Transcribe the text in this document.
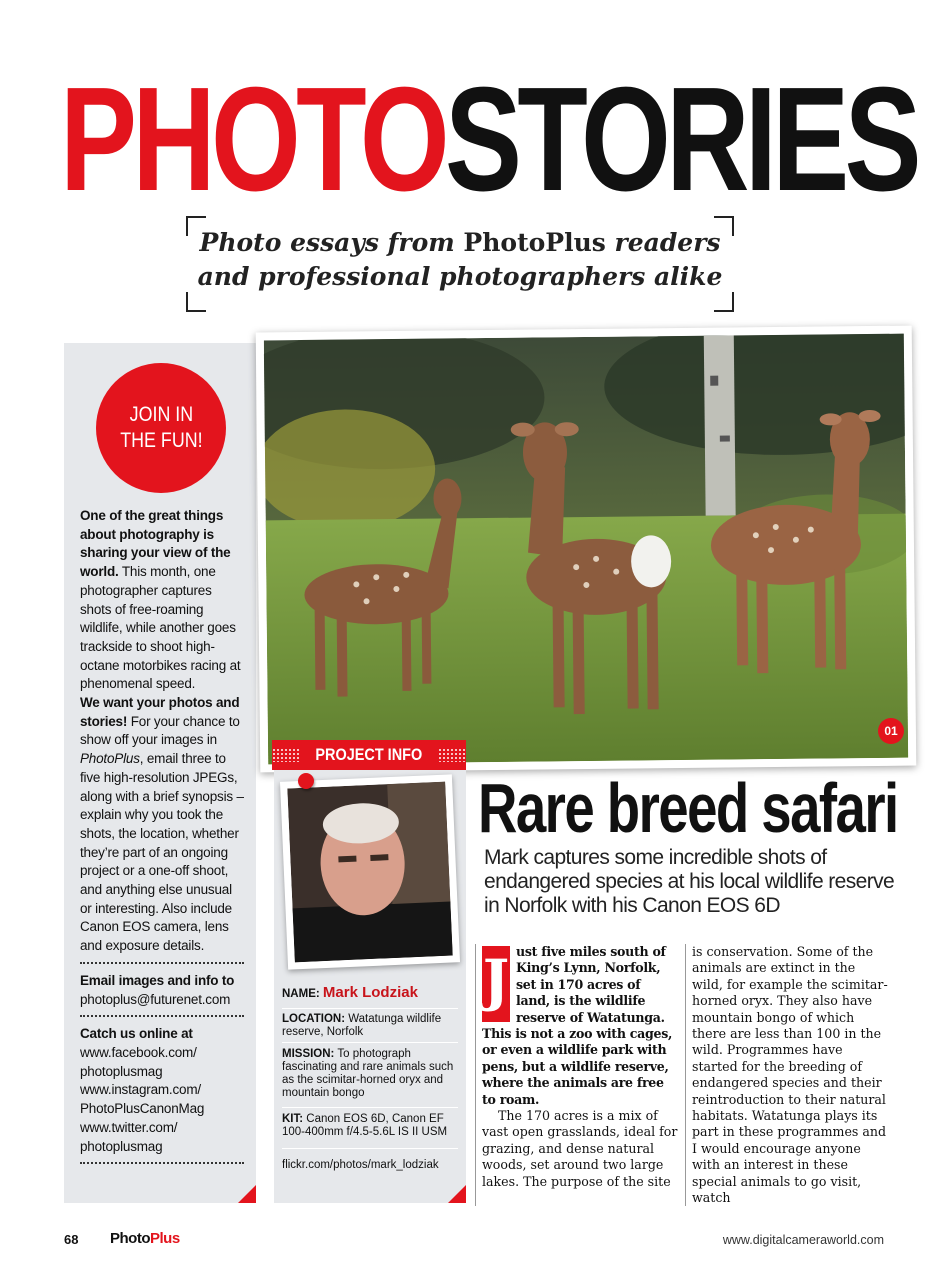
PHOTOSTORIES
Photo essays from PhotoPlus readers
and professional photographers alike
JOIN IN
THE FUN!
One of the great things about photography is sharing your view of the world. This month, one photographer captures shots of free-roaming wildlife, while another goes trackside to shoot high-octane motorbikes racing at phenomenal speed.
We want your photos and stories! For your chance to show off your images in PhotoPlus, email three to five high-resolution JPEGs, along with a brief synopsis – explain why you took the shots, the location, whether they’re part of an ongoing project or a one-off shoot, and anything else unusual or interesting. Also include Canon EOS camera, lens and exposure details.
Email images and info to
photoplus@futurenet.com
Catch us online at
www.facebook.com/
photoplusmag
www.instagram.com/
PhotoPlusCanonMag
www.twitter.com/
photoplusmag
01
PROJECT INFO
NAME: Mark Lodziak
LOCATION: Watatunga wildlife reserve, Norfolk
MISSION: To photograph fascinating and rare animals such as the scimitar-horned oryx and mountain bongo
KIT: Canon EOS 6D, Canon EF 100-400mm f/4.5-5.6L IS II USM
flickr.com/photos/mark_lodziak
Rare breed safari
Mark captures some incredible shots of endangered species at his local wildlife reserve in Norfolk with his Canon EOS 6D
J ust five miles south of King’s Lynn, Norfolk, set in 170 acres of land, is the wildlife reserve of Watatunga. This is not a zoo with cages, or even a wildlife park with pens, but a wildlife reserve, where the animals are free to roam.
The 170 acres is a mix of vast open grasslands, ideal for grazing, and dense natural woods, set around two large lakes. The purpose of the site
is conservation. Some of the animals are extinct in the wild, for example the scimitar-horned oryx. They also have mountain bongo of which there are less than 100 in the wild. Programmes have started for the breeding of endangered species and their reintroduction to their natural habitats. Watatunga plays its part in these programmes and I would encourage anyone with an interest in these special animals to go visit, watch
68 PhotoPlus	www.digitalcameraworld.com
